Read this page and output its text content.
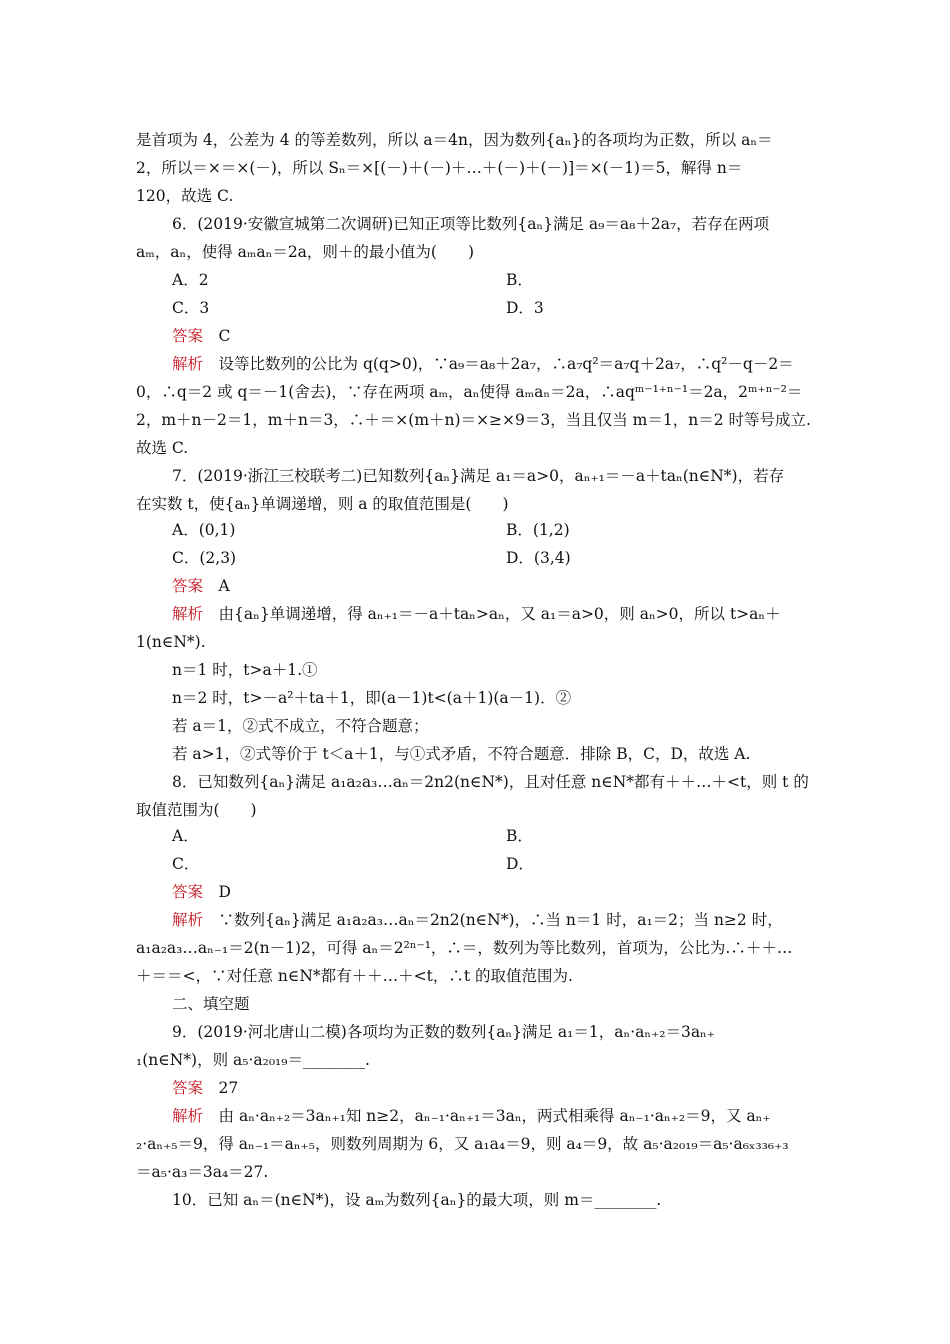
是首项为 4，公差为 4 的等差数列，所以 a＝4n，因为数列{aₙ}的各项均为正数，所以 aₙ＝
2，所以＝×＝×(－)，所以 Sₙ＝×[(－)＋(－)＋…＋(－)＋(－)]＝×(－1)＝5，解得 n＝
120，故选 C.
6．(2019·安徽宣城第二次调研)已知正项等比数列{aₙ}满足 a₉＝a₈＋2a₇，若存在两项
aₘ，aₙ，使得 aₘaₙ＝2a，则＋的最小值为(　　)
答案　 C
解析　 设等比数列的公比为 q(q>0)，∵a₉＝a₈＋2a₇，∴a₇q²＝a₇q＋2a₇，∴q²－q－2＝
0，∴q＝2 或 q＝－1(舍去)，∵存在两项 aₘ，aₙ使得 aₘaₙ＝2a，∴aqᵐ⁻¹⁺ⁿ⁻¹＝2a，2ᵐ⁺ⁿ⁻²＝
2，m＋n－2＝1，m＋n＝3，∴＋＝×(m＋n)＝×≥×9＝3，当且仅当 m＝1，n＝2 时等号成立.
故选 C.
7．(2019·浙江三校联考二)已知数列{aₙ}满足 a₁＝a>0，aₙ₊₁＝－a＋taₙ(n∈N*)，若存
在实数 t，使{aₙ}单调递增，则 a 的取值范围是(　　)
答案　 A
解析　 由{aₙ}单调递增，得 aₙ₊₁＝－a＋taₙ>aₙ，又 a₁＝a>0，则 aₙ>0，所以 t>aₙ＋
1(n∈N*).
n＝1 时，t>a＋1.①
n＝2 时，t>－a²＋ta＋1，即(a－1)t<(a＋1)(a－1)．②
若 a＝1，②式不成立，不符合题意；
若 a>1，②式等价于 t＜a＋1，与①式矛盾，不符合题意．排除 B，C，D，故选 A.
8．已知数列{aₙ}满足 a₁a₂a₃…aₙ＝2n2(n∈N*)，且对任意 n∈N*都有＋＋…＋<t，则 t 的
取值范围为(　　)
答案　 D
解析　 ∵数列{aₙ}满足 a₁a₂a₃…aₙ＝2n2(n∈N*)，∴当 n＝1 时，a₁＝2；当 n≥2 时，
a₁a₂a₃…aₙ₋₁＝2(n－1)2，可得 aₙ＝2²ⁿ⁻¹，∴＝，数列为等比数列，首项为，公比为.∴＋＋…
＋＝＝<，∵对任意 n∈N*都有＋＋…＋<t，∴t 的取值范围为.
二、填空题
9．(2019·河北唐山二模)各项均为正数的数列{aₙ}满足 a₁＝1，aₙ·aₙ₊₂＝3aₙ₊
₁(n∈N*)，则 a₅·a₂₀₁₉＝________.
答案　 27
解析　 由 aₙ·aₙ₊₂＝3aₙ₊₁知 n≥2，aₙ₋₁·aₙ₊₁＝3aₙ，两式相乘得 aₙ₋₁·aₙ₊₂＝9，又 aₙ₊
₂·aₙ₊₅＝9，得 aₙ₋₁＝aₙ₊₅，则数列周期为 6，又 a₁a₄＝9，则 a₄＝9，故 a₅·a₂₀₁₉＝a₅·a₆ₓ₃₃₆₊₃
＝a₅·a₃＝3a₄＝27.
10．已知 aₙ＝(n∈N*)，设 aₘ为数列{aₙ}的最大项，则 m＝________.
A．2	B．
C．3	D．3
A．(0,1)	B．(1,2)
C．(2,3)	D．(3,4)
A．	B．
C．	D．
